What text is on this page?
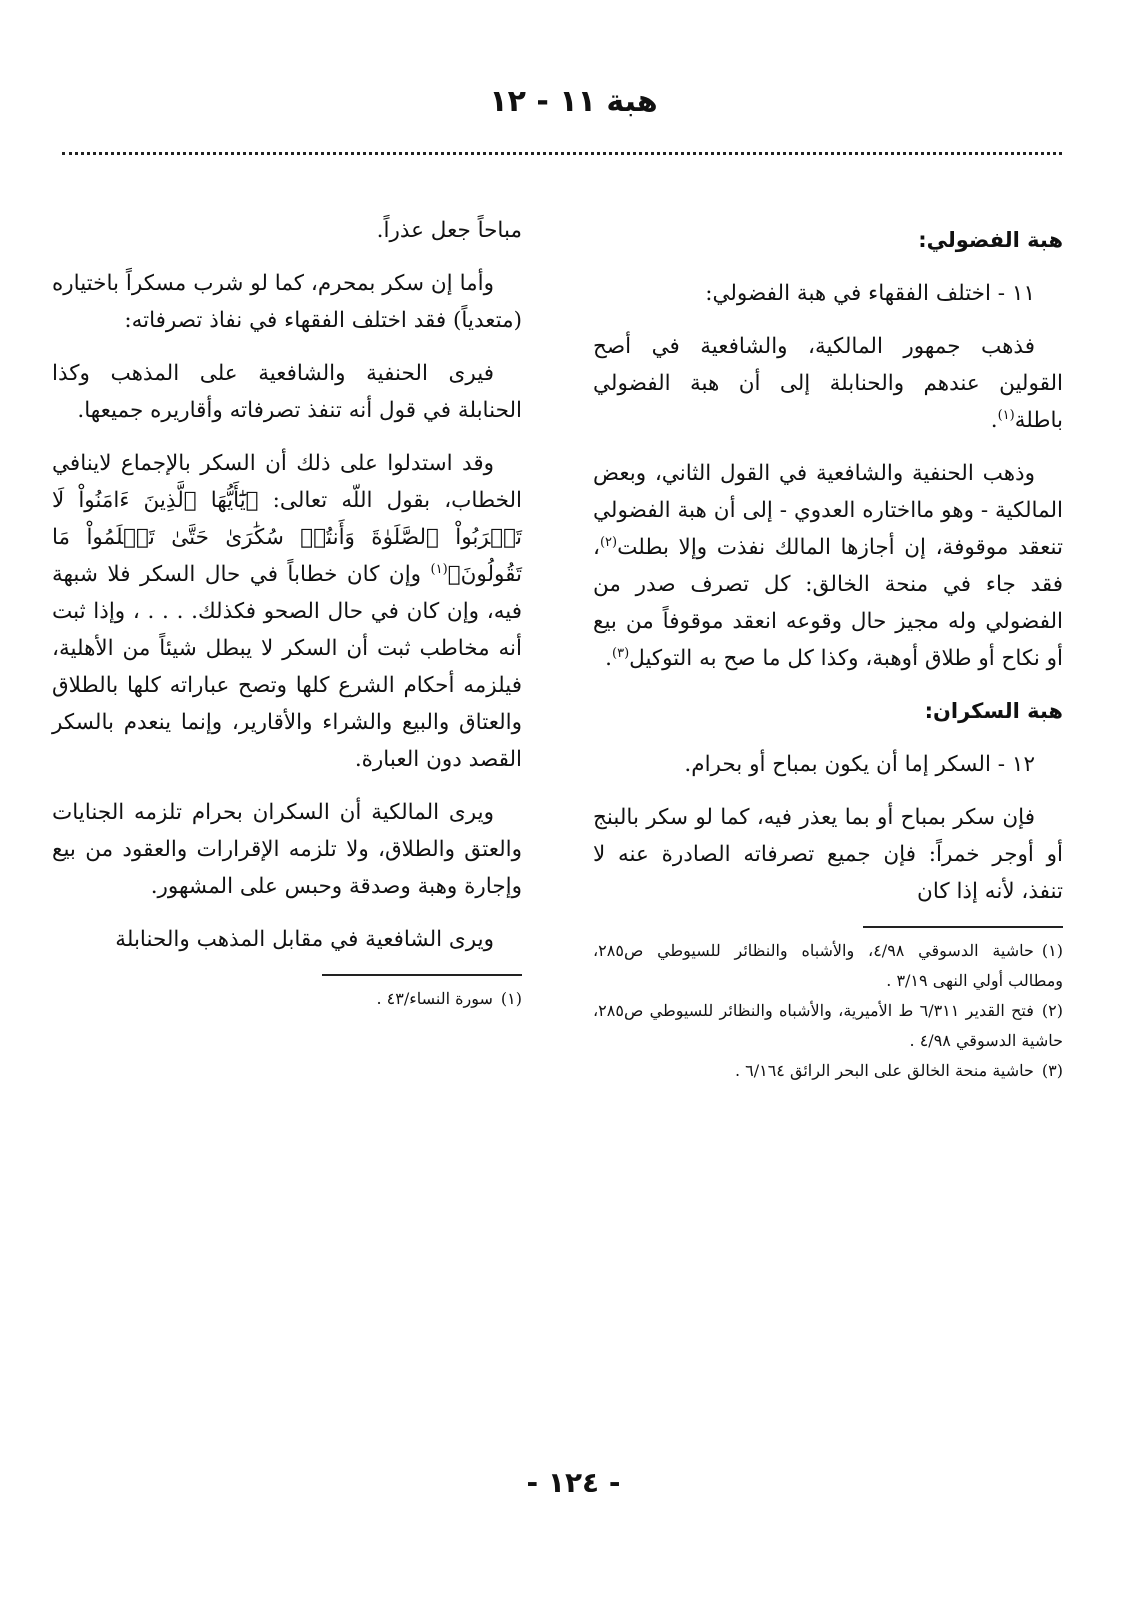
هبة ١١ - ١٢
هبة الفضولي:

١١ - اختلف الفقهاء في هبة الفضولي:

فذهب جمهور المالكية، والشافعية في أصح القولين عندهم والحنابلة إلى أن هبة الفضولي باطلة$^{(١)}$.

وذهب الحنفية والشافعية في القول الثاني، وبعض المالكية - وهو مااختاره العدوي - إلى أن هبة الفضولي تنعقد موقوفة، إن أجازها المالك نفذت وإلا بطلت$^{(٢)}$، فقد جاء في منحة الخالق: كل تصرف صدر من الفضولي وله مجيز حال وقوعه انعقد موقوفاً من بيع أو نكاح أو طلاق أوهبة، وكذا كل ما صح به التوكيل$^{(٣)}$.

هبة السكران:

١٢ - السكر إما أن يكون بمباح أو بحرام.

فإن سكر بمباح أو بما يعذر فيه، كما لو سكر بالبنج أو أوجر خمراً: فإن جميع تصرفاته الصادرة عنه لا تنفذ، لأنه إذا كان

(١)حاشية الدسوقي ٤/٩٨، والأشباه والنظائر للسيوطي ص٢٨٥، ومطالب أولي النهى ٣/١٩ .

(٢)فتح القدير ٦/٣١١ ط الأميرية، والأشباه والنظائر للسيوطي ص٢٨٥، حاشية الدسوقي ٤/٩٨ .

(٣)حاشية منحة الخالق على البحر الرائق ٦/١٦٤ .

مباحاً جعل عذراً.

وأما إن سكر بمحرم، كما لو شرب مسكراً باختياره (متعدياً) فقد اختلف الفقهاء في نفاذ تصرفاته:

فيرى الحنفية والشافعية على المذهب وكذا الحنابلة في قول أنه تنفذ تصرفاته وأقاريره جميعها.

وقد استدلوا على ذلك أن السكر بالإجماع لاينافي الخطاب، بقول اللّه تعالى: ﴿يَٰٓأَيُّهَا ٱلَّذِينَ ءَامَنُواْ لَا تَقۡرَبُواْ ٱلصَّلَوٰةَ وَأَنتُمۡ سُكَٰرَىٰ حَتَّىٰ تَعۡلَمُواْ مَا تَقُولُونَ﴾$^{(١)}$ وإن كان خطاباً في حال السكر فلا شبهة فيه، وإن كان في حال الصحو فكذلك. . . . ، وإذا ثبت أنه مخاطب ثبت أن السكر لا يبطل شيئاً من الأهلية، فيلزمه أحكام الشرع كلها وتصح عباراته كلها بالطلاق والعتاق والبيع والشراء والأقارير، وإنما ينعدم بالسكر القصد دون العبارة.

ويرى المالكية أن السكران بحرام تلزمه الجنايات والعتق والطلاق، ولا تلزمه الإقرارات والعقود من بيع وإجارة وهبة وصدقة وحبس على المشهور.

ويرى الشافعية في مقابل المذهب والحنابلة

(١)سورة النساء/٤٣ .

- ١٢٤ -
